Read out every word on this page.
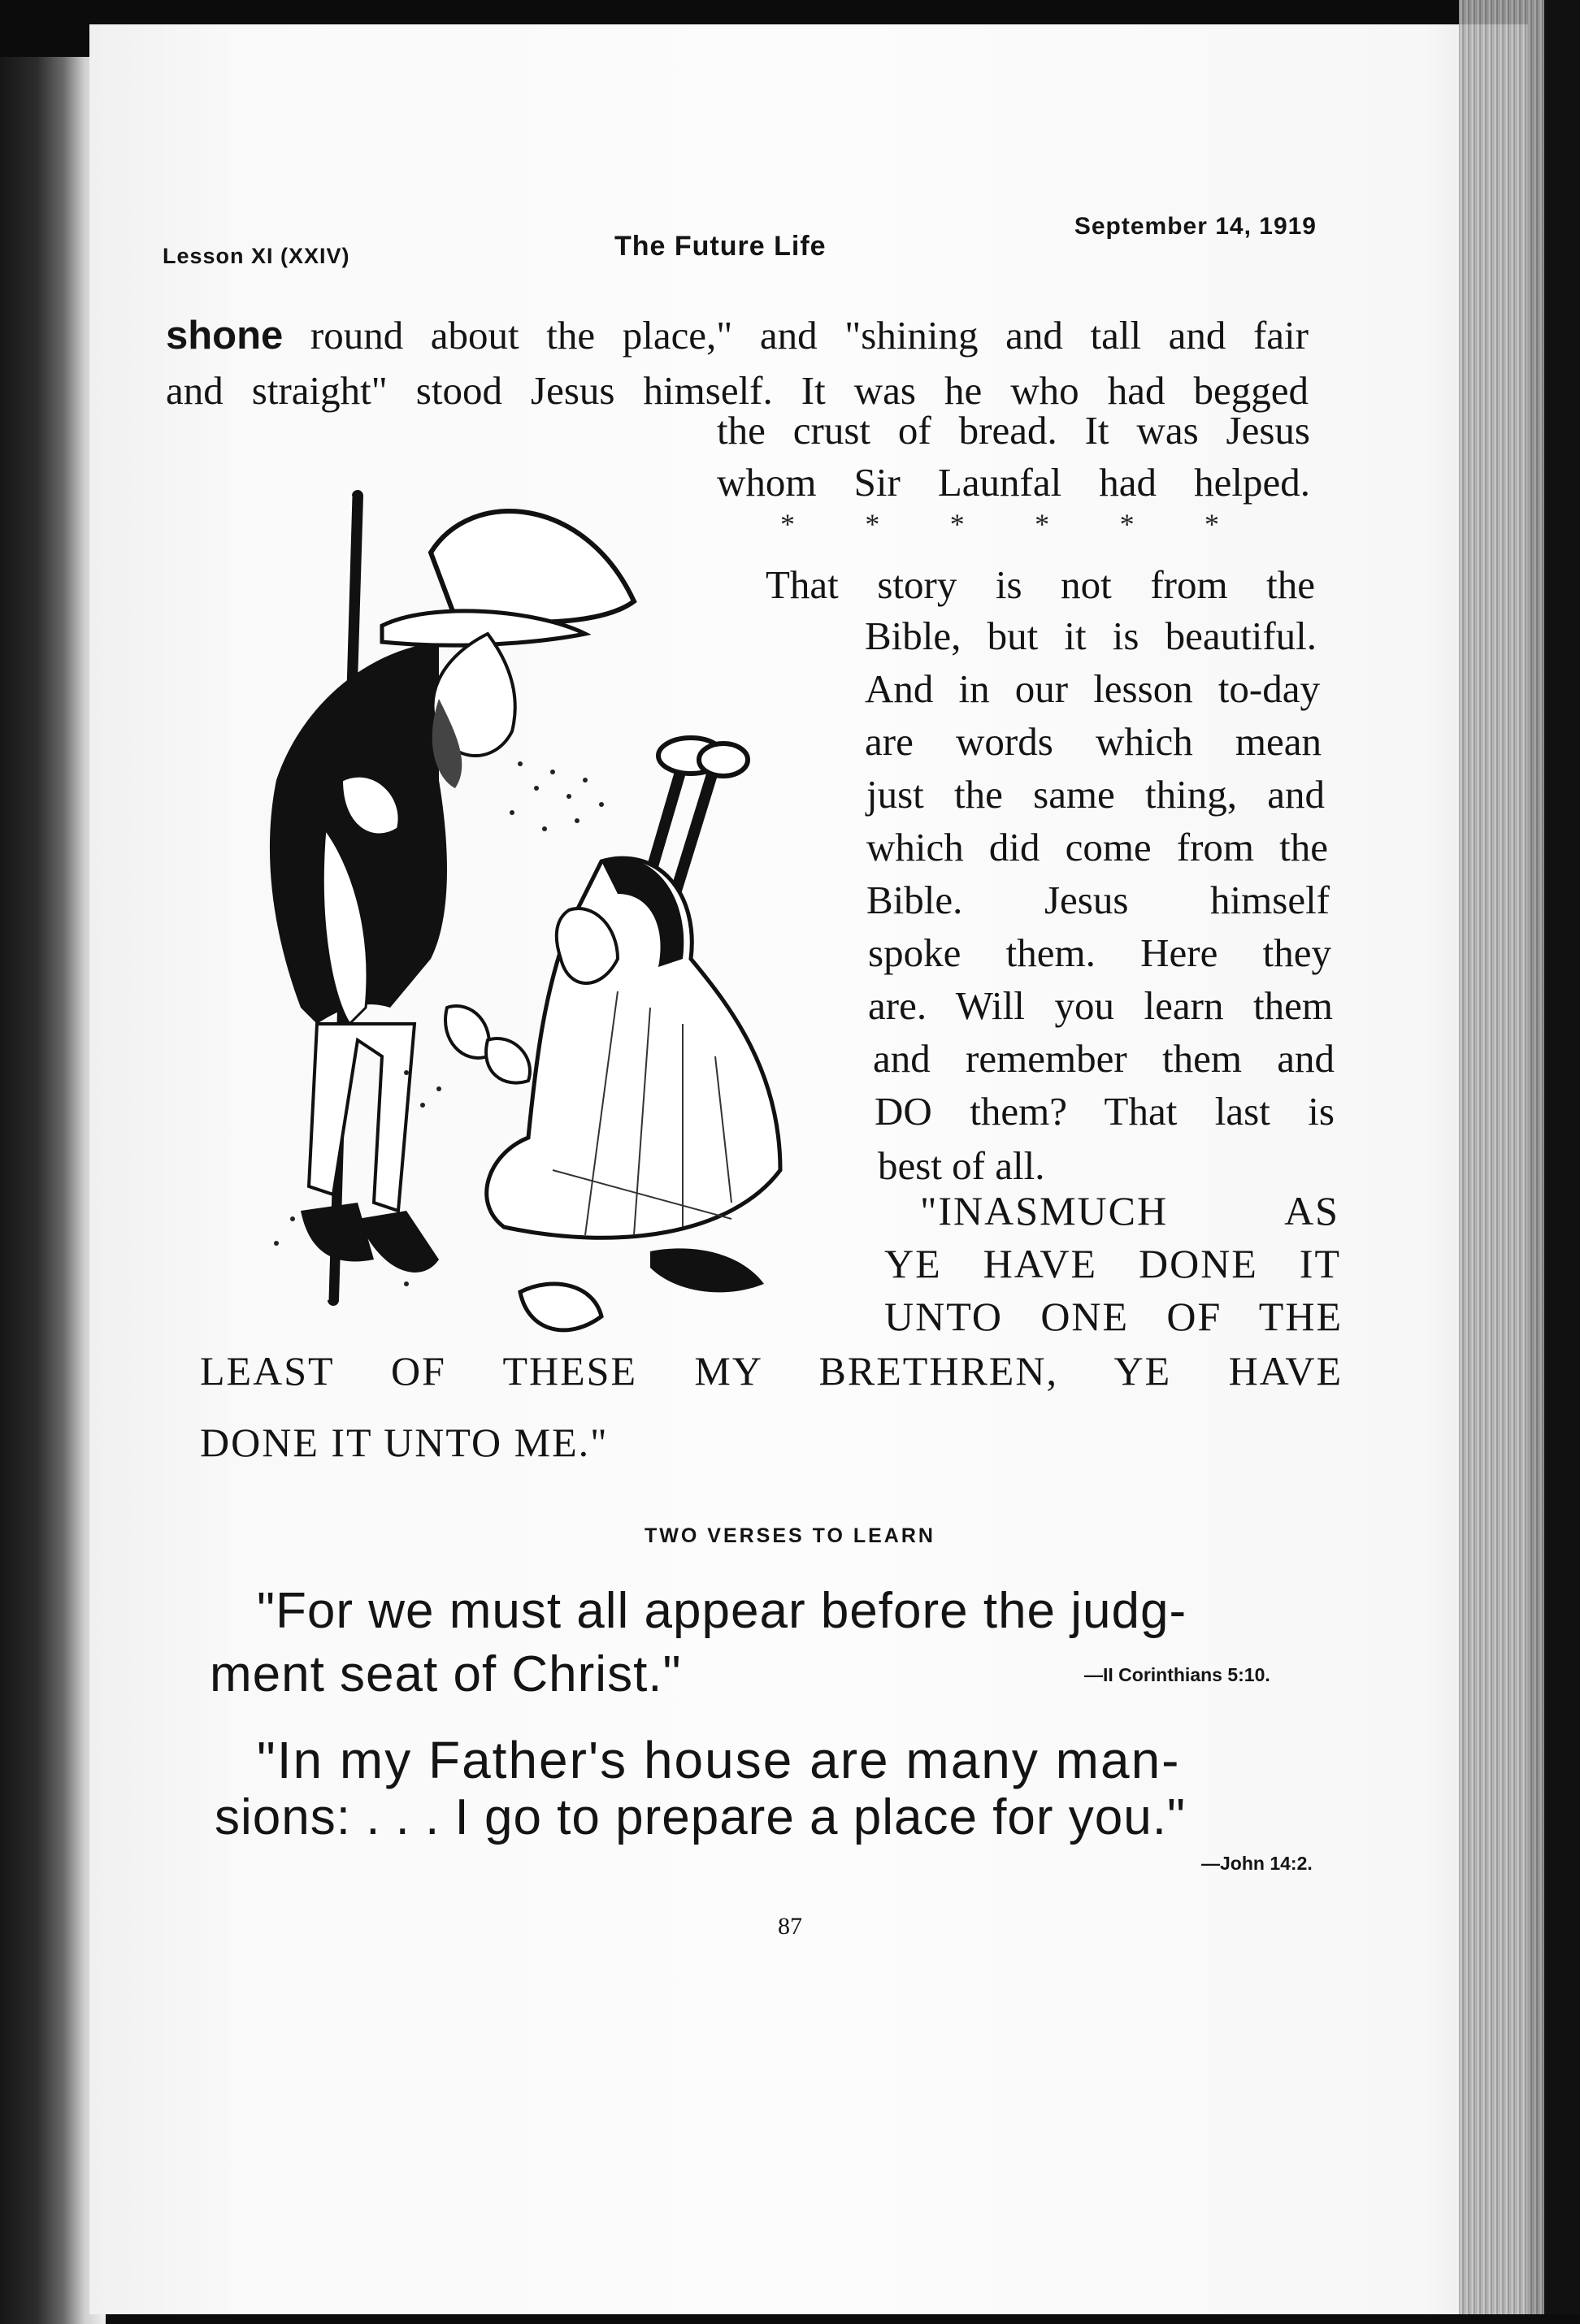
Lesson XI (XXIV)	The Future Life
September 14, 1919
shone round about the place," and "shining and tall and fair
and straight" stood Jesus himself. It was he who had begged
the crust of bread. It was Jesus
whom Sir Launfal had helped.
* * * * * *
That story is not from the
Bible, but it is beautiful.
And in our lesson to-day
are words which mean
just the same thing, and
which did come from the
Bible. Jesus himself
spoke them. Here they
are. Will you learn them
and remember them and
DO them? That last is
best of all.
"INASMUCH AS
YE HAVE DONE IT
UNTO ONE OF THE
LEAST OF THESE MY BRETHREN, YE HAVE
DONE IT UNTO ME."
TWO VERSES TO LEARN
"For we must all appear before the judg-
ment seat of Christ."	—II Corinthians 5:10.
"In my Father's house are many man-
sions: . . . I go to prepare a place for you."
—John 14:2.
87
